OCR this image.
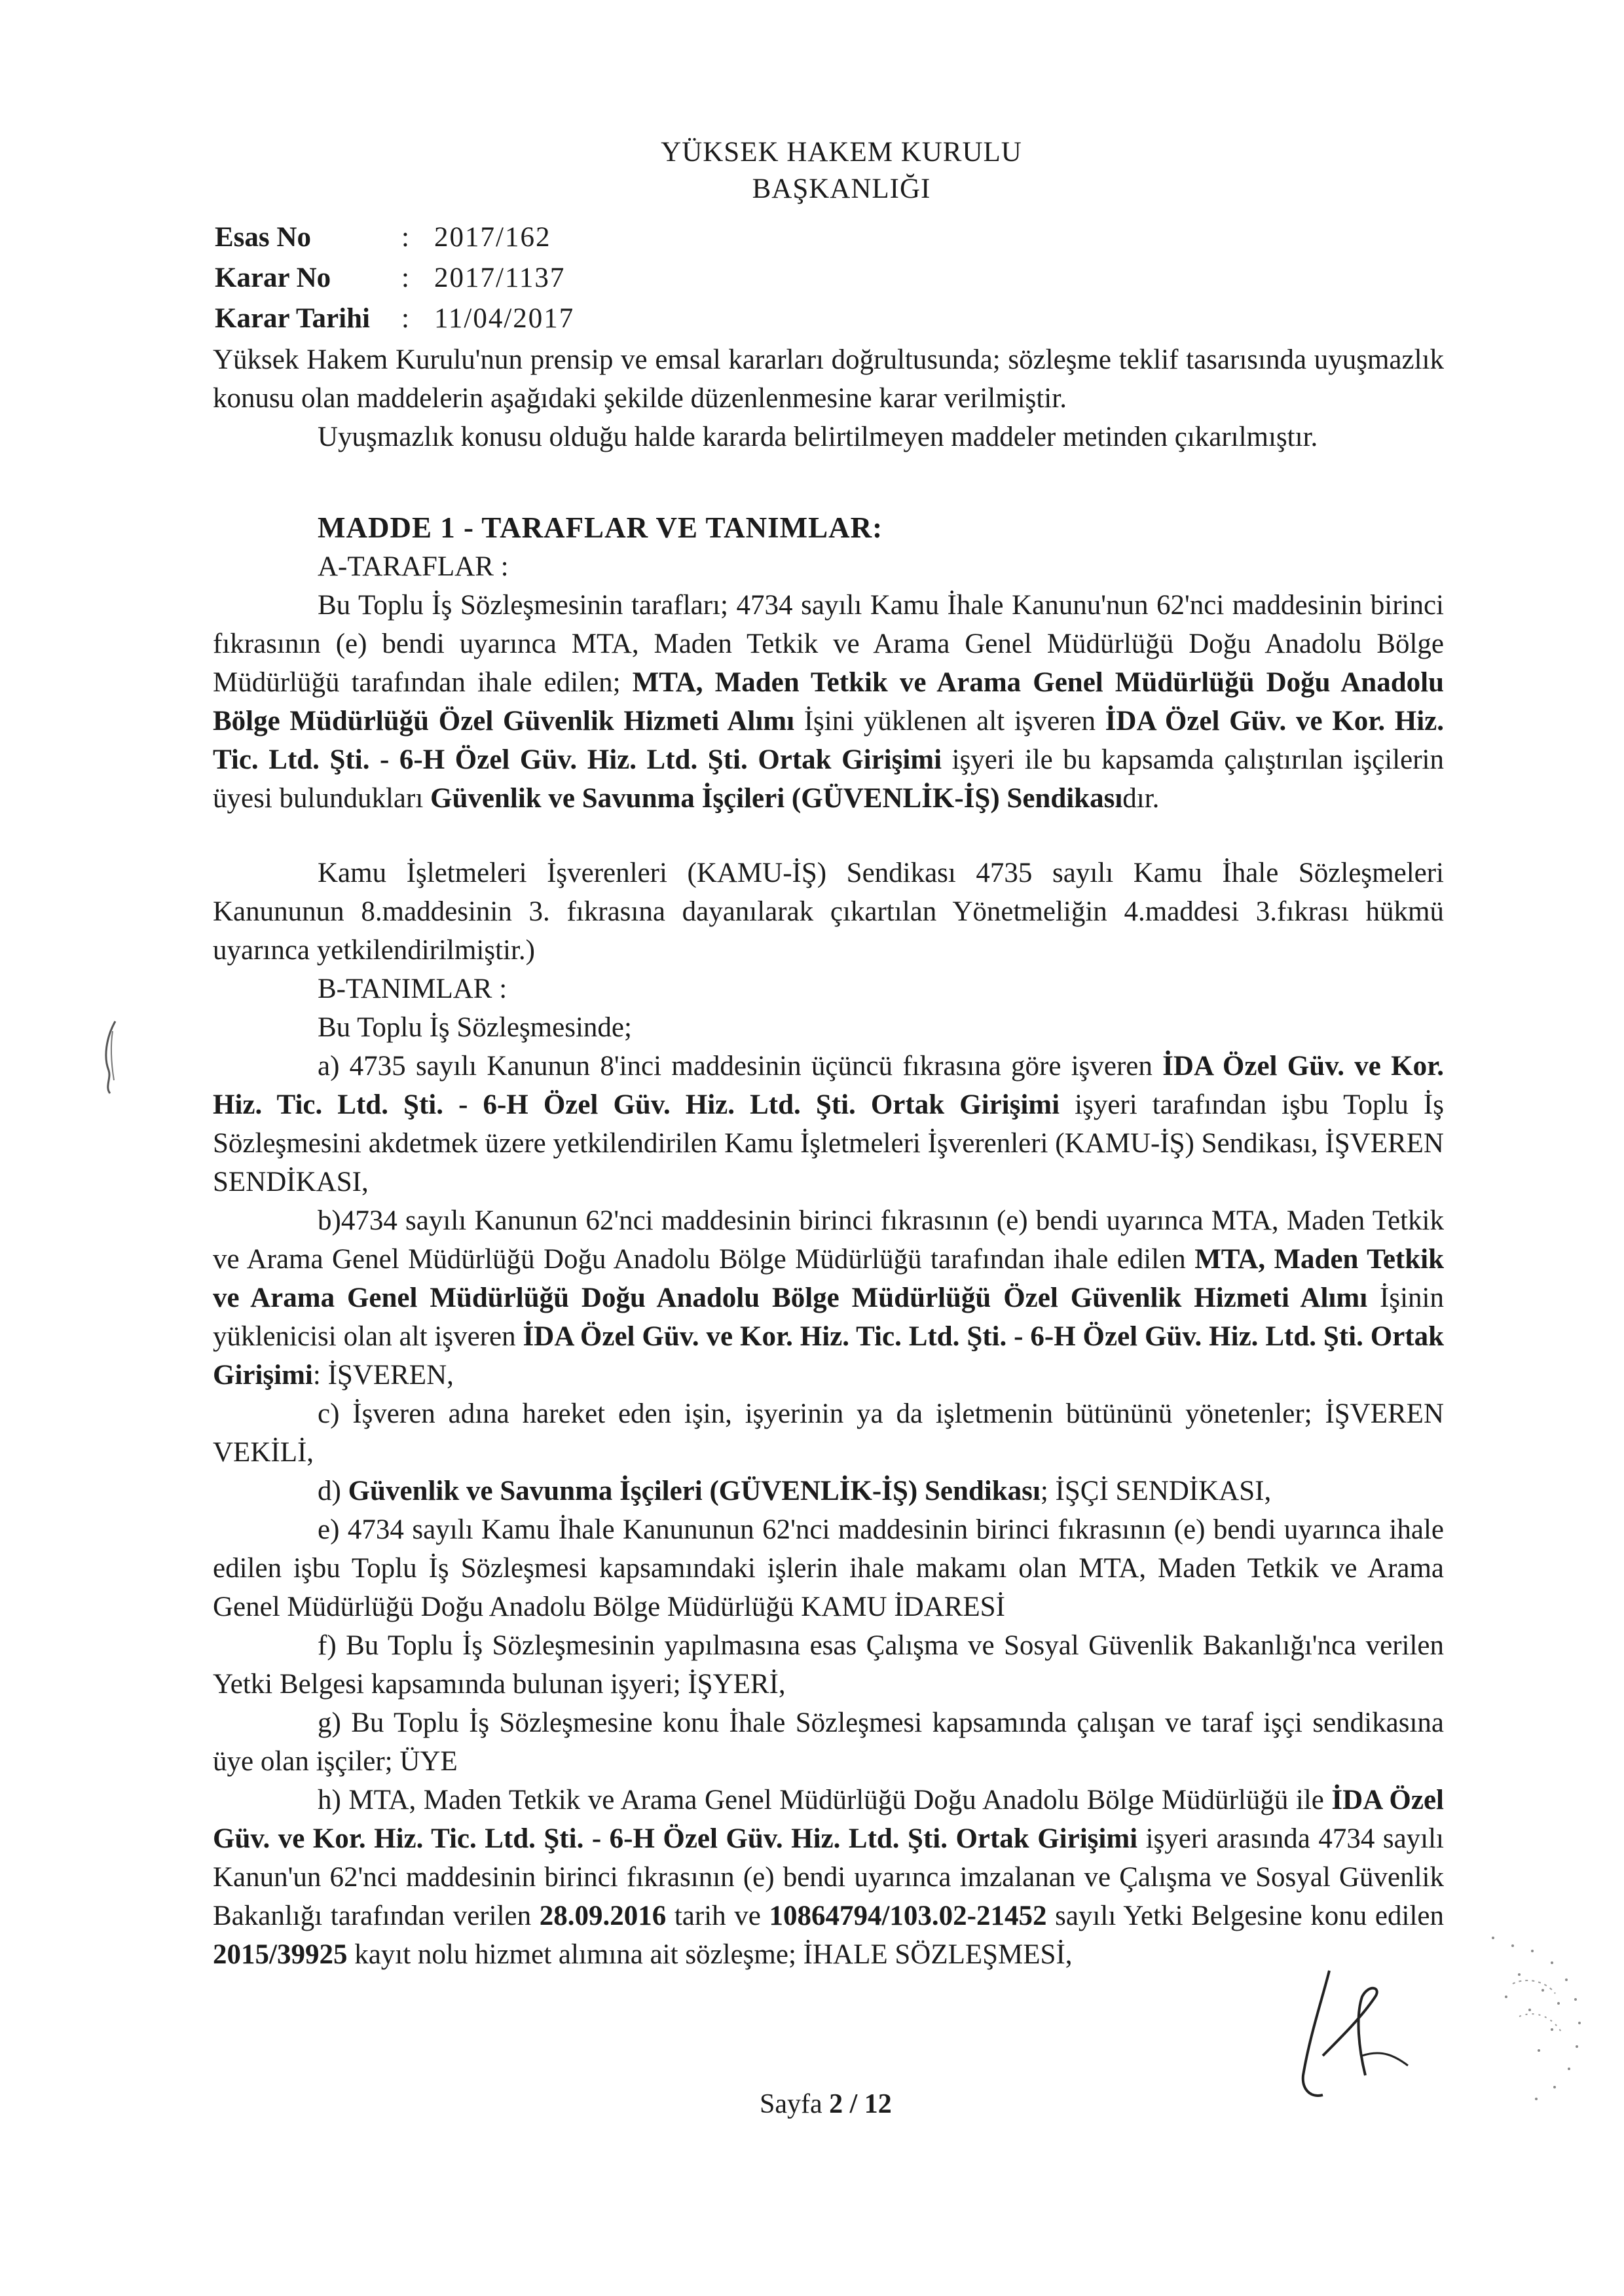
YÜKSEK HAKEM KURULU
BAŞKANLIĞI
Esas No	: 2017/162
Karar No	: 2017/1137
Karar Tarihi	: 11/04/2017

Yüksek Hakem Kurulu'nun prensip ve emsal kararları doğrultusunda; sözleşme teklif tasarısında uyuşmazlık konusu olan maddelerin aşağıdaki şekilde düzenlenmesine karar verilmiştir.

Uyuşmazlık konusu olduğu halde kararda belirtilmeyen maddeler metinden çıkarılmıştır.

MADDE 1 - TARAFLAR VE TANIMLAR:

A-TARAFLAR :

Bu Toplu İş Sözleşmesinin tarafları; 4734 sayılı Kamu İhale Kanunu'nun 62'nci maddesinin birinci fıkrasının (e) bendi uyarınca MTA, Maden Tetkik ve Arama Genel Müdürlüğü Doğu Anadolu Bölge Müdürlüğü tarafından ihale edilen; MTA, Maden Tetkik ve Arama Genel Müdürlüğü Doğu Anadolu Bölge Müdürlüğü Özel Güvenlik Hizmeti Alımı İşini yüklenen alt işveren İDA Özel Güv. ve Kor. Hiz. Tic. Ltd. Şti. - 6-H Özel Güv. Hiz. Ltd. Şti. Ortak Girişimi işyeri ile bu kapsamda çalıştırılan işçilerin üyesi bulundukları Güvenlik ve Savunma İşçileri (GÜVENLİK-İŞ) Sendikasıdır.

Kamu İşletmeleri İşverenleri (KAMU-İŞ) Sendikası 4735 sayılı Kamu İhale Sözleşmeleri Kanununun 8.maddesinin 3. fıkrasına dayanılarak çıkartılan Yönetmeliğin 4.maddesi 3.fıkrası hükmü uyarınca yetkilendirilmiştir.)

B-TANIMLAR :

Bu Toplu İş Sözleşmesinde;

a) 4735 sayılı Kanunun 8'inci maddesinin üçüncü fıkrasına göre işveren İDA Özel Güv. ve Kor. Hiz. Tic. Ltd. Şti. - 6-H Özel Güv. Hiz. Ltd. Şti. Ortak Girişimi işyeri tarafından işbu Toplu İş Sözleşmesini akdetmek üzere yetkilendirilen Kamu İşletmeleri İşverenleri (KAMU-İŞ) Sendikası, İŞVEREN SENDİKASI,

b)4734 sayılı Kanunun 62'nci maddesinin birinci fıkrasının (e) bendi uyarınca MTA, Maden Tetkik ve Arama Genel Müdürlüğü Doğu Anadolu Bölge Müdürlüğü tarafından ihale edilen MTA, Maden Tetkik ve Arama Genel Müdürlüğü Doğu Anadolu Bölge Müdürlüğü Özel Güvenlik Hizmeti Alımı İşinin yüklenicisi olan alt işveren İDA Özel Güv. ve Kor. Hiz. Tic. Ltd. Şti. - 6-H Özel Güv. Hiz. Ltd. Şti. Ortak Girişimi: İŞVEREN,

c) İşveren adına hareket eden işin, işyerinin ya da işletmenin bütününü yönetenler; İŞVEREN VEKİLİ,

d) Güvenlik ve Savunma İşçileri (GÜVENLİK-İŞ) Sendikası; İŞÇİ SENDİKASI,

e) 4734 sayılı Kamu İhale Kanununun 62'nci maddesinin birinci fıkrasının (e) bendi uyarınca ihale edilen işbu Toplu İş Sözleşmesi kapsamındaki işlerin ihale makamı olan MTA, Maden Tetkik ve Arama Genel Müdürlüğü Doğu Anadolu Bölge Müdürlüğü KAMU İDARESİ

f) Bu Toplu İş Sözleşmesinin yapılmasına esas Çalışma ve Sosyal Güvenlik Bakanlığı'nca verilen Yetki Belgesi kapsamında bulunan işyeri; İŞYERİ,

g) Bu Toplu İş Sözleşmesine konu İhale Sözleşmesi kapsamında çalışan ve taraf işçi sendikasına üye olan işçiler; ÜYE

h) MTA, Maden Tetkik ve Arama Genel Müdürlüğü Doğu Anadolu Bölge Müdürlüğü ile İDA Özel Güv. ve Kor. Hiz. Tic. Ltd. Şti. - 6-H Özel Güv. Hiz. Ltd. Şti. Ortak Girişimi işyeri arasında 4734 sayılı Kanun'un 62'nci maddesinin birinci fıkrasının (e) bendi uyarınca imzalanan ve Çalışma ve Sosyal Güvenlik Bakanlığı tarafından verilen 28.09.2016 tarih ve 10864794/103.02-21452 sayılı Yetki Belgesine konu edilen 2015/39925 kayıt nolu hizmet alımına ait sözleşme; İHALE SÖZLEŞMESİ,

Sayfa 2 / 12
